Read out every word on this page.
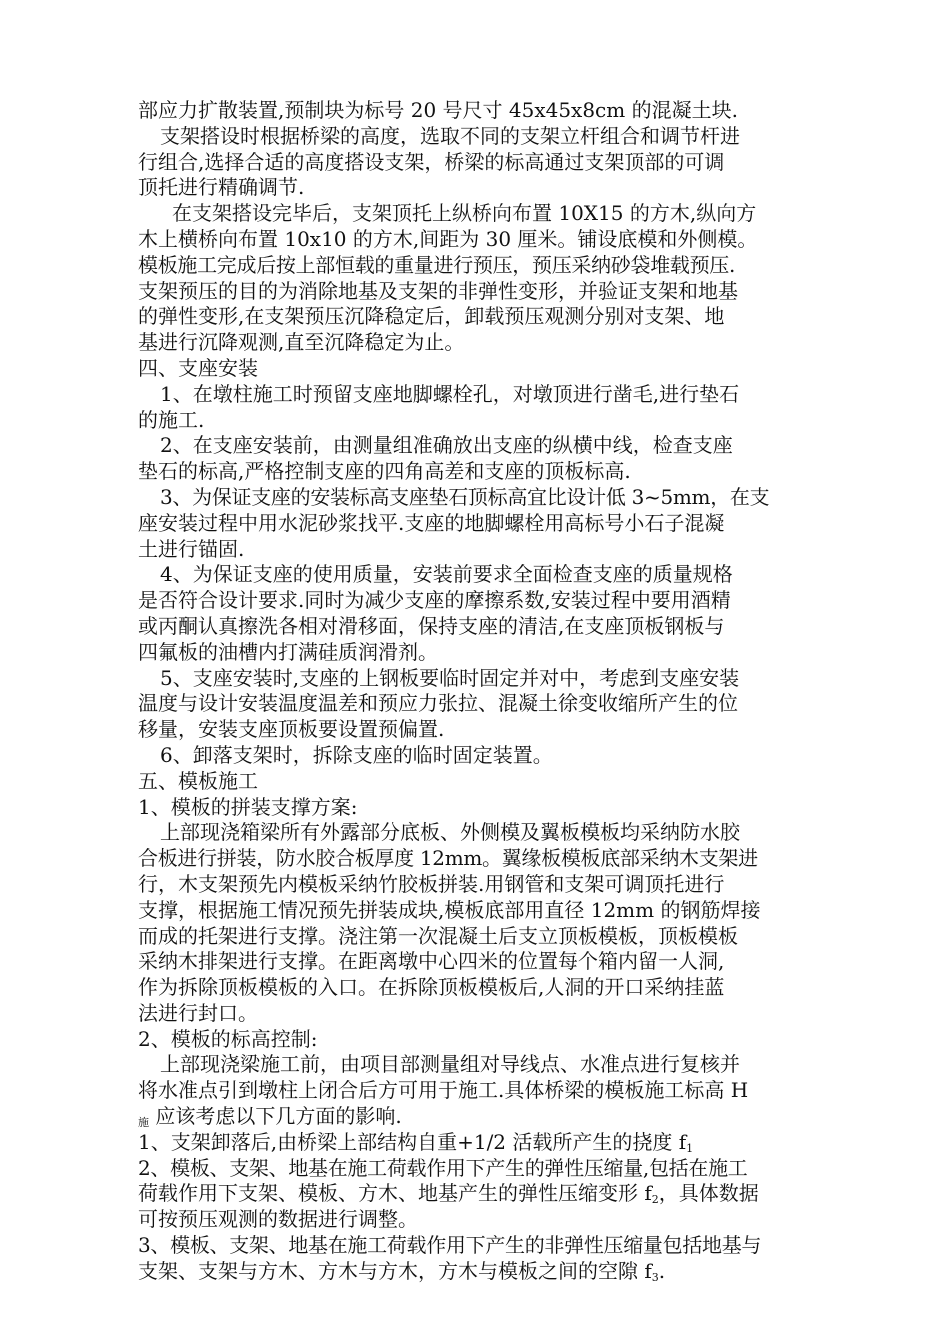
部应力扩散装置,预制块为标号 20 号尺寸 45x45x8cm 的混凝土块.
支架搭设时根据桥梁的高度，选取不同的支架立杆组合和调节杆进
行组合,选择合适的高度搭设支架，桥梁的标高通过支架顶部的可调
顶托进行精确调节.
在支架搭设完毕后，支架顶托上纵桥向布置 10X15 的方木,纵向方
木上横桥向布置 10x10 的方木,间距为 30 厘米。铺设底模和外侧模。
模板施工完成后按上部恒载的重量进行预压，预压采纳砂袋堆载预压.
支架预压的目的为消除地基及支架的非弹性变形，并验证支架和地基
的弹性变形,在支架预压沉降稳定后，卸载预压观测分别对支架、地
基进行沉降观测,直至沉降稳定为止。
四、支座安装
1、在墩柱施工时预留支座地脚螺栓孔，对墩顶进行凿毛,进行垫石
的施工.
2、在支座安装前，由测量组准确放出支座的纵横中线，检查支座
垫石的标高,严格控制支座的四角高差和支座的顶板标高.
3、为保证支座的安装标高支座垫石顶标高宜比设计低 3~5mm，在支
座安装过程中用水泥砂浆找平.支座的地脚螺栓用高标号小石子混凝
土进行锚固.
4、为保证支座的使用质量，安装前要求全面检查支座的质量规格
是否符合设计要求.同时为减少支座的摩擦系数,安装过程中要用酒精
或丙酮认真擦洗各相对滑移面，保持支座的清洁,在支座顶板钢板与
四氟板的油槽内打满硅质润滑剂。
5、支座安装时,支座的上钢板要临时固定并对中，考虑到支座安装
温度与设计安装温度温差和预应力张拉、混凝土徐变收缩所产生的位
移量，安装支座顶板要设置预偏置.
6、卸落支架时，拆除支座的临时固定装置。
五、模板施工
1、模板的拼装支撑方案:
上部现浇箱梁所有外露部分底板、外侧模及翼板模板均采纳防水胶
合板进行拼装，防水胶合板厚度 12mm。翼缘板模板底部采纳木支架进
行，木支架预先内模板采纳竹胶板拼装.用钢管和支架可调顶托进行
支撑，根据施工情况预先拼装成块,模板底部用直径 12mm 的钢筋焊接
而成的托架进行支撑。浇注第一次混凝土后支立顶板模板，顶板模板
采纳木排架进行支撑。在距离墩中心四米的位置每个箱内留一人洞,
作为拆除顶板模板的入口。在拆除顶板模板后,人洞的开口采纳挂蓝
法进行封口。
2、模板的标高控制:
上部现浇梁施工前，由项目部测量组对导线点、水准点进行复核并
将水准点引到墩柱上闭合后方可用于施工.具体桥梁的模板施工标高 H
$_施$ 应该考虑以下几方面的影响.
1、支架卸落后,由桥梁上部结构自重+1/2 活载所产生的挠度 $f_1$
2、模板、支架、地基在施工荷载作用下产生的弹性压缩量,包括在施工
荷载作用下支架、模板、方木、地基产生的弹性压缩变形 $f_2$，具体数据
可按预压观测的数据进行调整。
3、模板、支架、地基在施工荷载作用下产生的非弹性压缩量包括地基与
支架、支架与方木、方木与方木，方木与模板之间的空隙 $f_3$.
